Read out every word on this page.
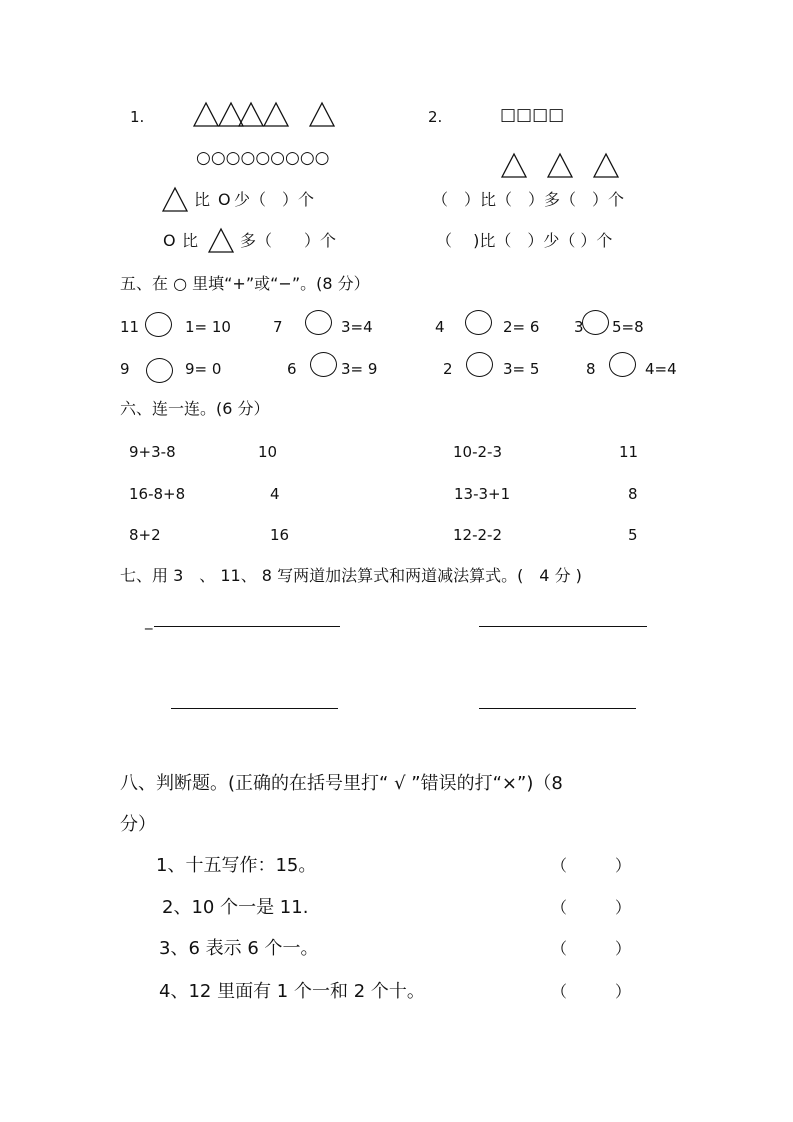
1.
○○○○○○○○○
比 O 少（　）个
O 比	多（　　）个
2.	□□□□
（　）比（　）多（　）个
（　 )比（　）少（ ）个
五、在 ○ 里填“+”或“−”。(8 分）
11	1= 10	7	3=4	4	2= 6 3 5=8
9	9= 0	6	3= 9	2	3= 5	8	4=4
六、连一连。(6 分）
9+3-8	10	10-2-3	11
16-8+8	4	13-3+1	8
8+2	16	12-2-2	5
七、用 3　、 11、 8 写两道加法算式和两道减法算式。(　4 分 )
_
八、判断题。(正确的在括号里打“ √ ”错误的打“×”)（8
分）
1、十五写作：15。	（　　　）
2、10 个一是 11.	（　　　）
3、6 表示 6 个一。	（　　　）
4、12 里面有 1 个一和 2 个十。	（　　　）
